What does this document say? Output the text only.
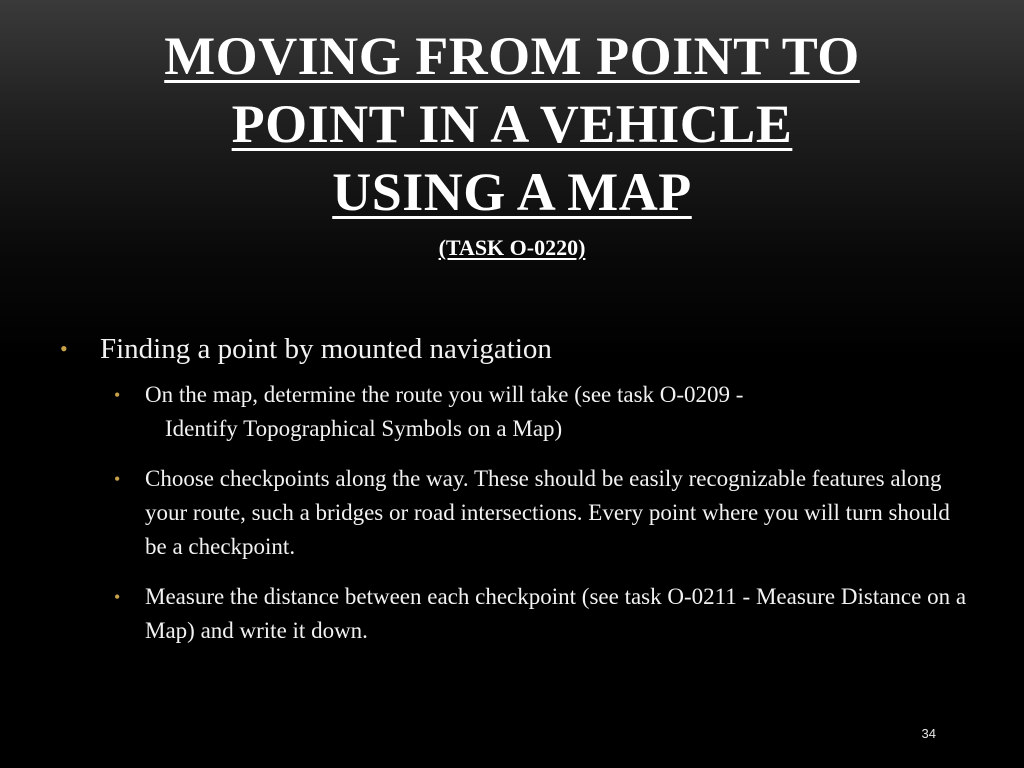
MOVING FROM POINT TO
POINT IN A VEHICLE
USING A MAP
(TASK O-0220)
• Finding a point by mounted navigation
• On the map, determine the route you will take (see task O-0209 -
Identify Topographical Symbols on a Map)
• Choose checkpoints along the way. These should be easily recognizable features along your route, such a bridges or road intersections. Every point where you will turn should be a checkpoint.
• Measure the distance between each checkpoint (see task O-0211 - Measure Distance on a Map) and write it down.
34
